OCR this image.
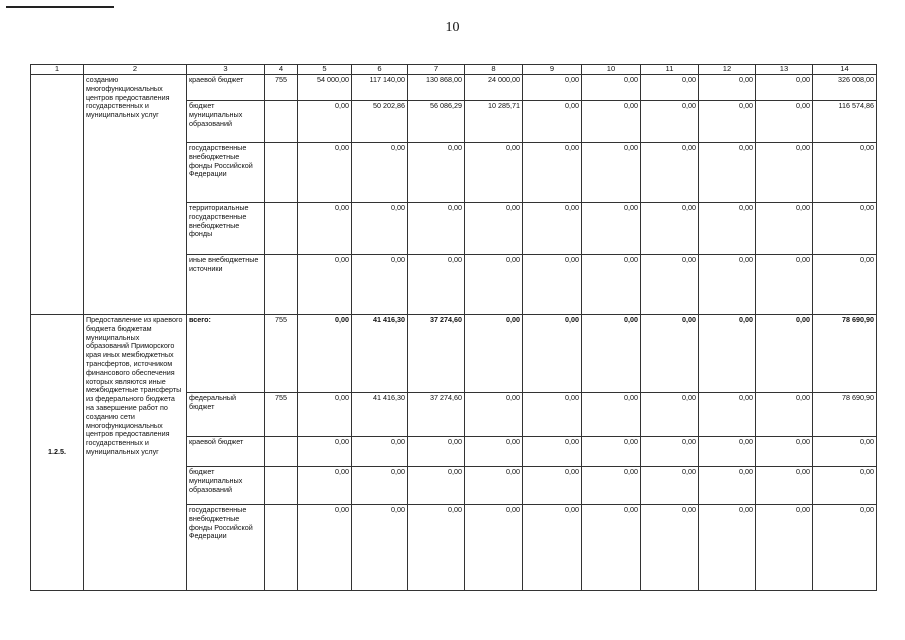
10
1	2	3	4	5	6	7	8	9	10	11	12	13	14
	созданию многофункциональных центров предоставления государственных и муниципальных услуг	краевой бюджет	755	54 000,00	117 140,00	130 868,00	24 000,00	0,00	0,00	0,00	0,00	0,00	326 008,00
		бюджет муниципальных образований		0,00	50 202,86	56 086,29	10 285,71	0,00	0,00	0,00	0,00	0,00	116 574,86
		государственные внебюджетные фонды Российской Федерации		0,00	0,00	0,00	0,00	0,00	0,00	0,00	0,00	0,00	0,00
		территориальные государственные внебюджетные фонды		0,00	0,00	0,00	0,00	0,00	0,00	0,00	0,00	0,00	0,00
		иные внебюджетные источники		0,00	0,00	0,00	0,00	0,00	0,00	0,00	0,00	0,00	0,00
1.2.5.	Предоставление из краевого бюджета бюджетам муниципальных образований Приморского края иных межбюджетных трансфертов, источником финансового обеспечения которых являются иные межбюджетные трансферты из федерального бюджета на завершение работ по созданию сети многофункциональных центров предоставления государственных и муниципальных услуг	всего:	755	0,00	41 416,30	37 274,60	0,00	0,00	0,00	0,00	0,00	0,00	78 690,90
		федеральный бюджет	755	0,00	41 416,30	37 274,60	0,00	0,00	0,00	0,00	0,00	0,00	78 690,90
		краевой бюджет		0,00	0,00	0,00	0,00	0,00	0,00	0,00	0,00	0,00	0,00
		бюджет муниципальных образований		0,00	0,00	0,00	0,00	0,00	0,00	0,00	0,00	0,00	0,00
		государственные внебюджетные фонды Российской Федерации		0,00	0,00	0,00	0,00	0,00	0,00	0,00	0,00	0,00	0,00
